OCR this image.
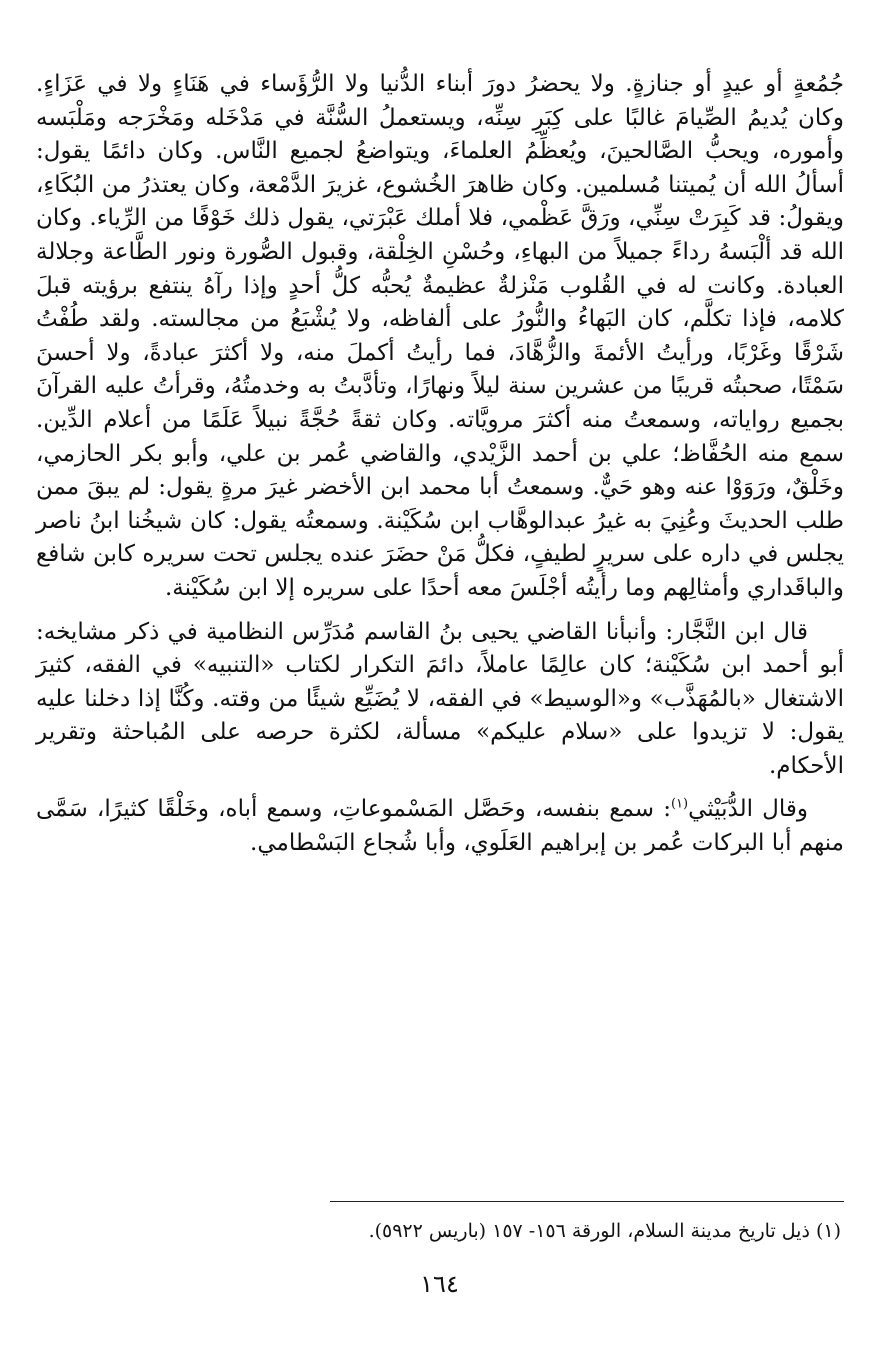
جُمُعةٍ أو عيدٍ أو جنازةٍ. ولا يحضرُ دورَ أبناء الدُّنيا ولا الرُّؤَساء في هَنَاءٍ ولا في عَزَاءٍ. وكان يُديمُ الصِّيامَ غالبًا على كِبَرِ سِنِّه، ويستعملُ السُّنَّة في مَدْخَله ومَخْرَجه ومَلْبَسه وأموره، ويحبُّ الصَّالحينَ، ويُعظِّمُ العلماءَ، ويتواضعُ لجميع النَّاس. وكان دائمًا يقول: أسألُ الله أن يُميتنا مُسلمين. وكان ظاهرَ الخُشوع، غزيرَ الدَّمْعة، وكان يعتذرُ من البُكَاءِ، ويقولُ: قد كَبِرَتْ سِنِّي، ورَقَّ عَظْمي، فلا أملك عَبْرَتي، يقول ذلك خَوْفًا من الرِّياء. وكان الله قد ألْبَسهُ رداءً جميلاً من البهاءِ، وحُسْنِ الخِلْقة، وقبول الصُّورة ونور الطَّاعة وجلالة العبادة. وكانت له في القُلوب مَنْزلةٌ عظيمةٌ يُحبُّه كلُّ أحدٍ وإذا رآهُ ينتفع برؤيته قبلَ كلامه، فإذا تكلَّم، كان البَهاءُ والنُّورُ على ألفاظه، ولا يُشْبَعُ من مجالسته. ولقد طُفْتُ شَرْقًا وغَرْبًا، ورأيتُ الأئمةَ والزُّهَّادَ، فما رأيتُ أكملَ منه، ولا أكثرَ عبادةً، ولا أحسنَ سَمْتًا، صحبتُه قريبًا من عشرين سنة ليلاً ونهارًا، وتأدَّبتُ به وخدمتُهُ، وقرأتُ عليه القرآنَ بجميع رواياته، وسمعتُ منه أكثرَ مرويَّاته. وكان ثقةً حُجَّةً نبيلاً عَلَمًا من أعلام الدِّين. سمع منه الحُفَّاظ؛ علي بن أحمد الزَّيْدي، والقاضي عُمر بن علي، وأبو بكر الحازمي، وخَلْقٌ، ورَوَوْا عنه وهو حَيٌّ. وسمعتُ أبا محمد ابن الأخضر غيرَ مرةٍ يقول: لم يبقَ ممن طلب الحديثَ وعُنِيَ به غيرُ عبدالوهَّاب ابن سُكَيْنة. وسمعتُه يقول: كان شيخُنا ابنُ ناصر يجلس في داره على سريرٍ لطيفٍ، فكلُّ مَنْ حضَرَ عنده يجلس تحت سريره كابن شافع والباقَداري وأمثالِهم وما رأيتُه أجْلَسَ معه أحدًا على سريره إلا ابن سُكَيْنة.

قال ابن النَّجَّار: وأنبأنا القاضي يحيى بنُ القاسم مُدَرِّس النظامية في ذكر مشايخه: أبو أحمد ابن سُكَيْنة؛ كان عالِمًا عاملاً، دائمَ التكرار لكتاب «التنبيه» في الفقه، كثيرَ الاشتغال «بالمُهَذَّب» و«الوسيط» في الفقه، لا يُضَيِّع شيئًا من وقته. وكُنَّا إذا دخلنا عليه يقول: لا تزيدوا على «سلام عليكم» مسألة، لكثرة حرصه على المُباحثة وتقرير الأحكام.

وقال الدُّبَيْثي$^{(١)}$: سمع بنفسه، وحَصَّل المَسْموعاتِ، وسمع أباه، وخَلْقًا كثيرًا، سَمَّى منهم أبا البركات عُمر بن إبراهيم العَلَوي، وأبا شُجاع البَسْطامي.

(١) ذيل تاريخ مدينة السلام، الورقة ١٥٦- ١٥٧ (باريس ٥٩٢٢).
١٦٤
